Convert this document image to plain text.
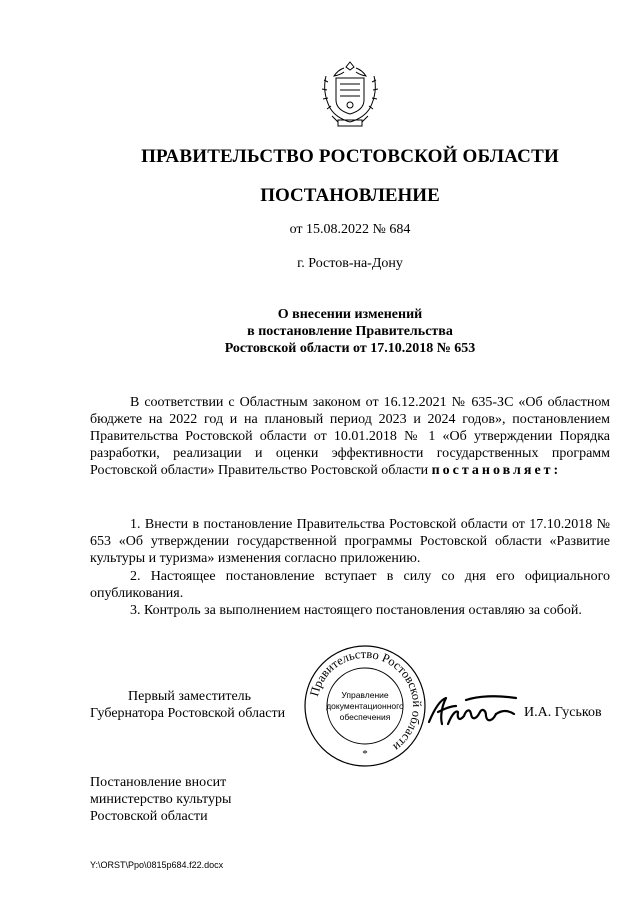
ПРАВИТЕЛЬСТВО РОСТОВСКОЙ ОБЛАСТИ
ПОСТАНОВЛЕНИЕ
от 15.08.2022 № 684
г. Ростов-на-Дону
О внесении изменений
в постановление Правительства
Ростовской области от 17.10.2018 № 653
В соответствии с Областным законом от 16.12.2021 № 635-ЗС «Об областном бюджете на 2022 год и на плановый период 2023 и 2024 годов», постановлением Правительства Ростовской области от 10.01.2018 № 1 «Об утверждении Порядка разработки, реализации и оценки эффективности государственных программ Ростовской области» Правительство Ростовской области постановляет:
1. Внести в постановление Правительства Ростовской области от 17.10.2018 № 653 «Об утверждении государственной программы Ростовской области «Развитие культуры и туризма» изменения согласно приложению.
2. Настоящее постановление вступает в силу со дня его официального опубликования.
3. Контроль за выполнением настоящего постановления оставляю за собой.
Первый заместитель
Губернатора Ростовской области
Правительство Ростовской области
Управление
документационного
обеспечения
*
И.А. Гуськов
Постановление вносит
министерство культуры
Ростовской области
Y:\ORST\Ppo\0815p684.f22.docx
